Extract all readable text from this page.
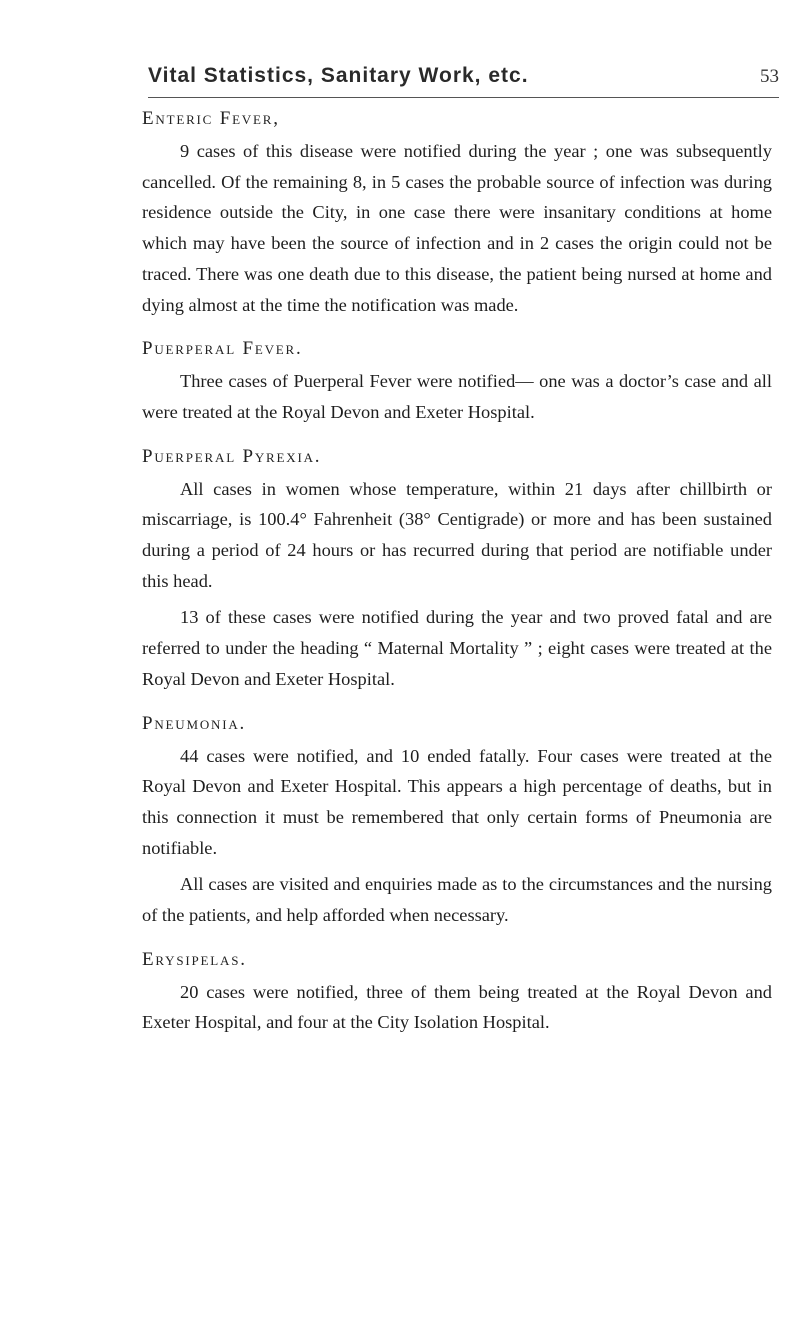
Vital Statistics, Sanitary Work, etc.	53
Enteric Fever,

9 cases of this disease were notified during the year ; one was subsequently cancelled. Of the remaining 8, in 5 cases the probable source of infection was during residence outside the City, in one case there were insanitary conditions at home which may have been the source of infection and in 2 cases the origin could not be traced. There was one death due to this disease, the patient being nursed at home and dying almost at the time the notification was made.

Puerperal Fever.

Three cases of Puerperal Fever were notified— one was a doctor’s case and all were treated at the Royal Devon and Exeter Hospital.

Puerperal Pyrexia.

All cases in women whose temperature, within 21 days after chillbirth or miscarriage, is 100.4° Fahrenheit (38° Centigrade) or more and has been sustained during a period of 24 hours or has recurred during that period are notifiable under this head.

13 of these cases were notified during the year and two proved fatal and are referred to under the heading “ Maternal Mortality ” ; eight cases were treated at the Royal Devon and Exeter Hospital.

Pneumonia.

44 cases were notified, and 10 ended fatally. Four cases were treated at the Royal Devon and Exeter Hospital. This appears a high percentage of deaths, but in this connection it must be remembered that only certain forms of Pneumonia are notifiable.

All cases are visited and enquiries made as to the circumstances and the nursing of the patients, and help afforded when necessary.

Erysipelas.

20 cases were notified, three of them being treated at the Royal Devon and Exeter Hospital, and four at the City Isolation Hospital.
